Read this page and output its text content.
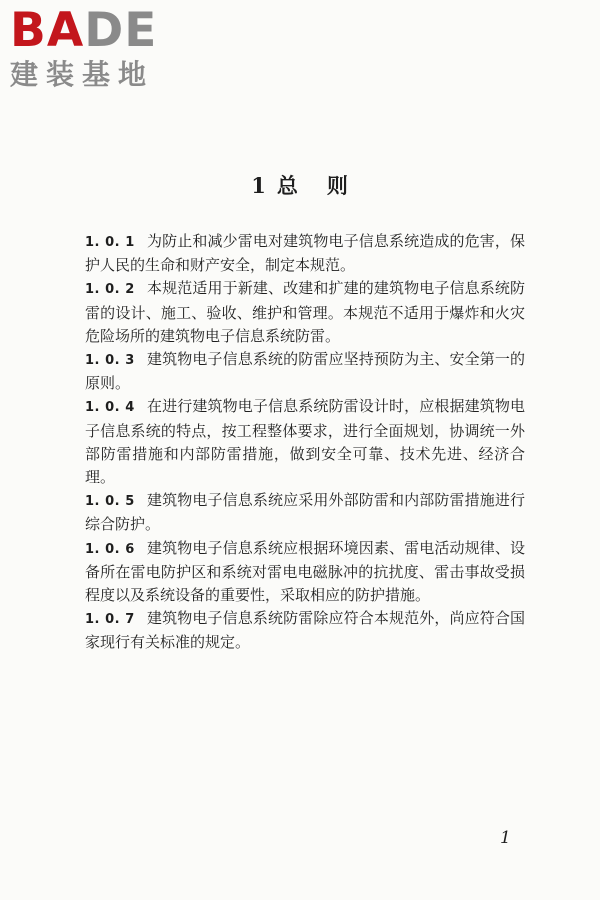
BADE
建装基地
1 总 则

1. 0. 1 为防止和减少雷电对建筑物电子信息系统造成的危害，保护人民的生命和财产安全，制定本规范。

1. 0. 2 本规范适用于新建、改建和扩建的建筑物电子信息系统防雷的设计、施工、验收、维护和管理。本规范不适用于爆炸和火灾危险场所的建筑物电子信息系统防雷。

1. 0. 3 建筑物电子信息系统的防雷应坚持预防为主、安全第一的原则。

1. 0. 4 在进行建筑物电子信息系统防雷设计时，应根据建筑物电子信息系统的特点，按工程整体要求，进行全面规划，协调统一外部防雷措施和内部防雷措施，做到安全可靠、技术先进、经济合理。

1. 0. 5 建筑物电子信息系统应采用外部防雷和内部防雷措施进行综合防护。

1. 0. 6 建筑物电子信息系统应根据环境因素、雷电活动规律、设备所在雷电防护区和系统对雷电电磁脉冲的抗扰度、雷击事故受损程度以及系统设备的重要性，采取相应的防护措施。

1. 0. 7 建筑物电子信息系统防雷除应符合本规范外，尚应符合国家现行有关标准的规定。

1
